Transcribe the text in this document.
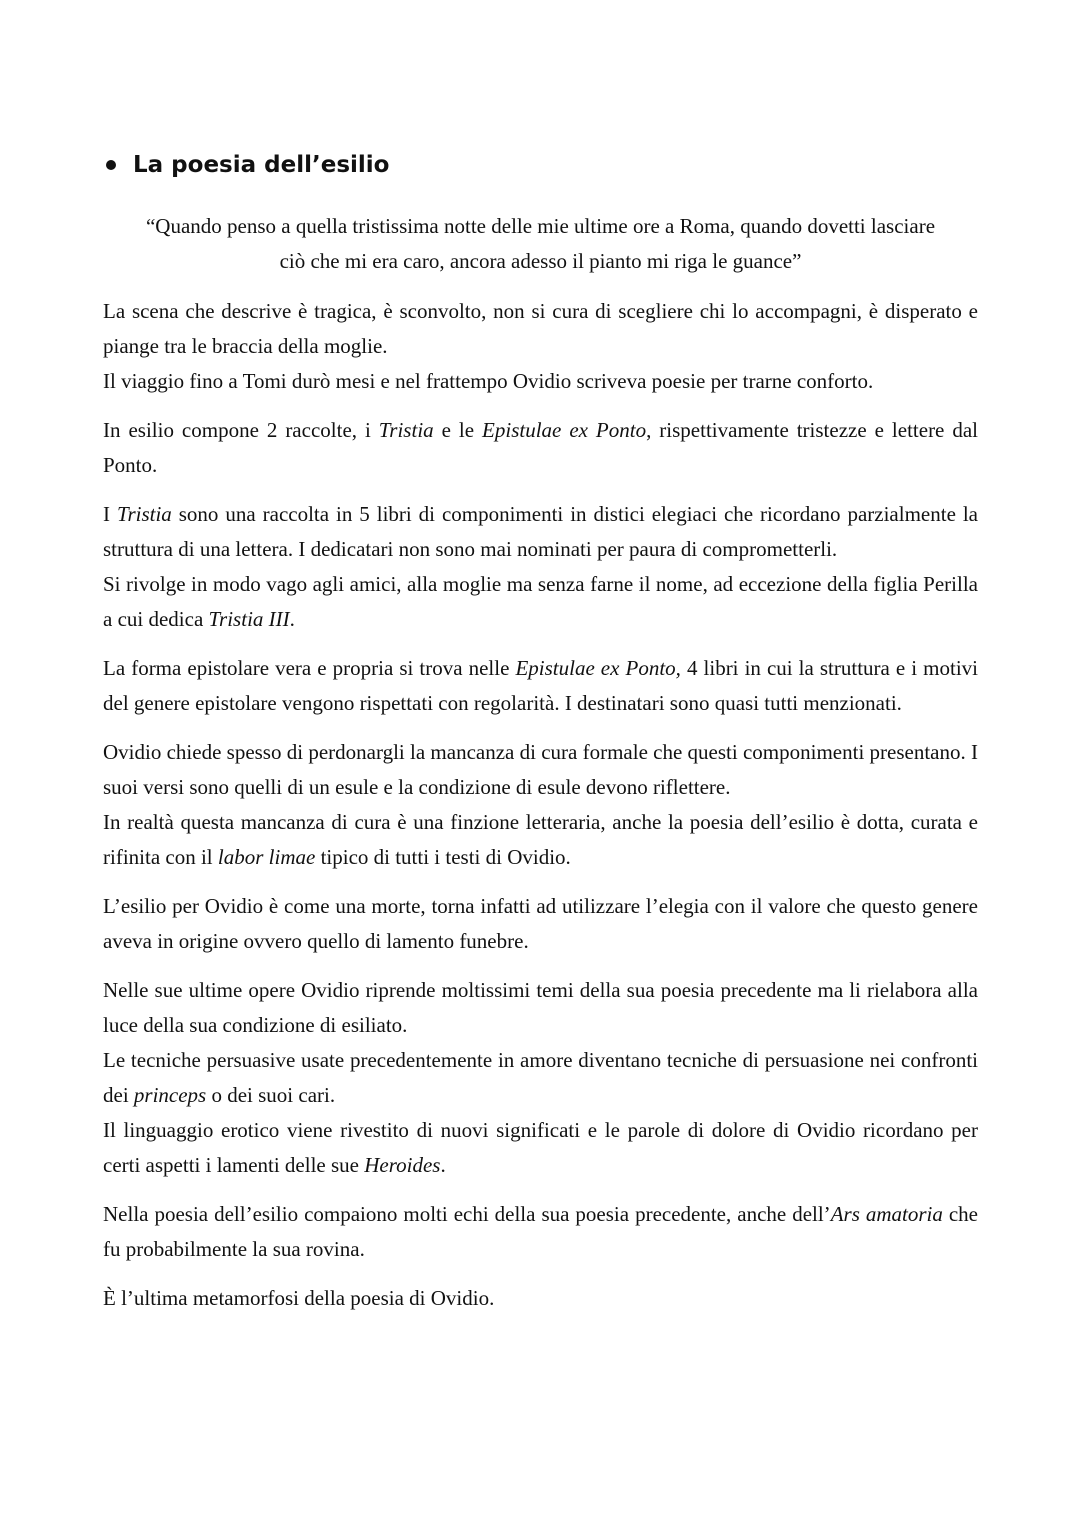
La poesia dell’esilio
“Quando penso a quella tristissima notte delle mie ultime ore a Roma, quando dovetti lasciare ciò che mi era caro, ancora adesso il pianto mi riga le guance”

La scena che descrive è tragica, è sconvolto, non si cura di scegliere chi lo accompagni, è disperato e piange tra le braccia della moglie.
Il viaggio fino a Tomi durò mesi e nel frattempo Ovidio scriveva poesie per trarne conforto.

In esilio compone 2 raccolte, i Tristia e le Epistulae ex Ponto, rispettivamente tristezze e lettere dal Ponto.

I Tristia sono una raccolta in 5 libri di componimenti in distici elegiaci che ricordano parzialmente la struttura di una lettera. I dedicatari non sono mai nominati per paura di comprometterli.
Si rivolge in modo vago agli amici, alla moglie ma senza farne il nome, ad eccezione della figlia Perilla a cui dedica Tristia III.

La forma epistolare vera e propria si trova nelle Epistulae ex Ponto, 4 libri in cui la struttura e i motivi del genere epistolare vengono rispettati con regolarità. I destinatari sono quasi tutti menzionati.

Ovidio chiede spesso di perdonargli la mancanza di cura formale che questi componimenti presentano. I suoi versi sono quelli di un esule e la condizione di esule devono riflettere.
In realtà questa mancanza di cura è una finzione letteraria, anche la poesia dell’esilio è dotta, curata e rifinita con il labor limae tipico di tutti i testi di Ovidio.

L’esilio per Ovidio è come una morte, torna infatti ad utilizzare l’elegia con il valore che questo genere aveva in origine ovvero quello di lamento funebre.

Nelle sue ultime opere Ovidio riprende moltissimi temi della sua poesia precedente ma li rielabora alla luce della sua condizione di esiliato.
Le tecniche persuasive usate precedentemente in amore diventano tecniche di persuasione nei confronti dei princeps o dei suoi cari.
Il linguaggio erotico viene rivestito di nuovi significati e le parole di dolore di Ovidio ricordano per certi aspetti i lamenti delle sue Heroides.

Nella poesia dell’esilio compaiono molti echi della sua poesia precedente, anche dell’Ars amatoria che fu probabilmente la sua rovina.

È l’ultima metamorfosi della poesia di Ovidio.
